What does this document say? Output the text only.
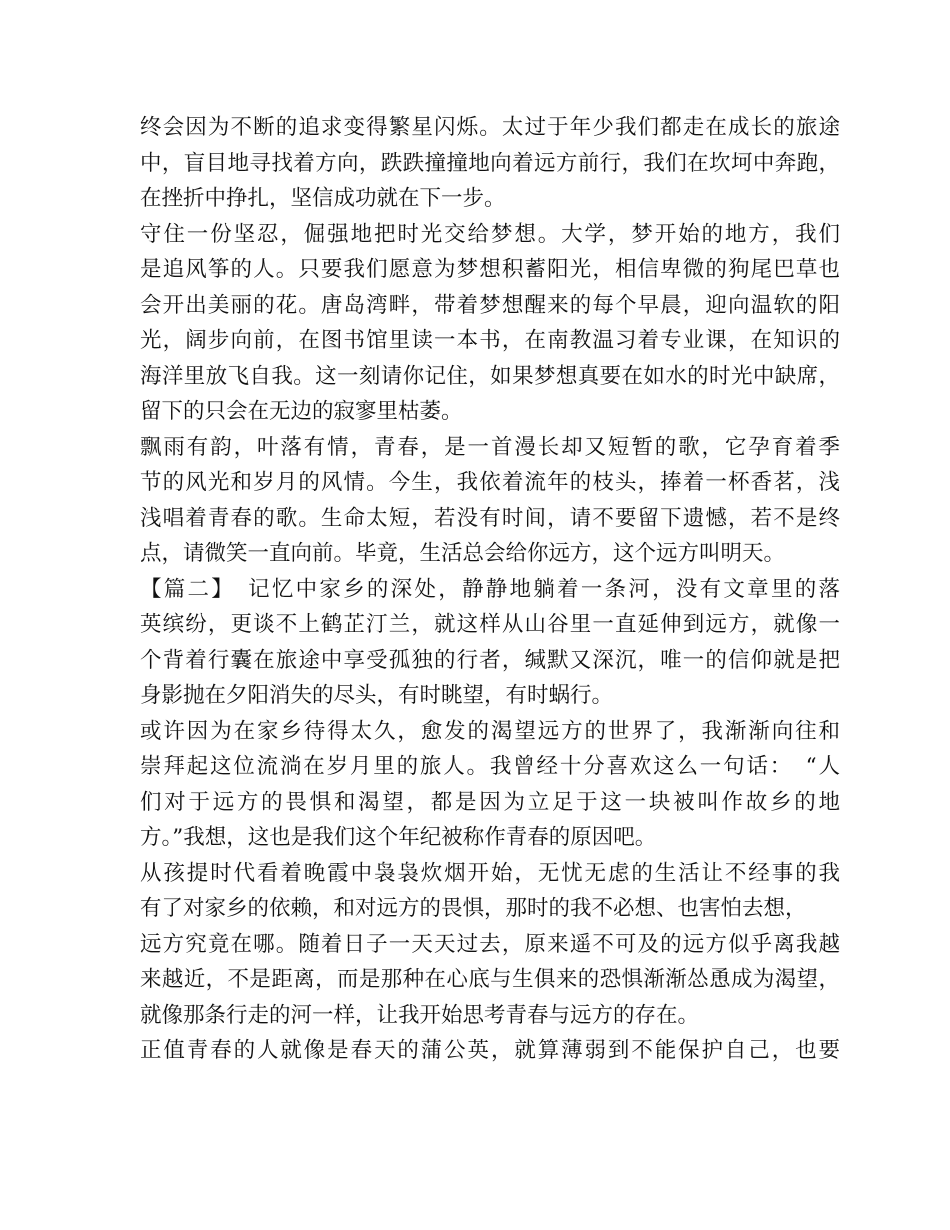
终会因为不断的追求变得繁星闪烁。太过于年少我们都走在成长的旅途
中，盲目地寻找着方向，跌跌撞撞地向着远方前行，我们在坎坷中奔跑，
在挫折中挣扎，坚信成功就在下一步。
守住一份坚忍，倔强地把时光交给梦想。大学，梦开始的地方，我们
是追风筝的人。只要我们愿意为梦想积蓄阳光，相信卑微的狗尾巴草也
会开出美丽的花。唐岛湾畔，带着梦想醒来的每个早晨，迎向温软的阳
光，阔步向前，在图书馆里读一本书，在南教温习着专业课，在知识的
海洋里放飞自我。这一刻请你记住，如果梦想真要在如水的时光中缺席，
留下的只会在无边的寂寥里枯萎。
飘雨有韵，叶落有情，青春，是一首漫长却又短暂的歌，它孕育着季
节的风光和岁月的风情。今生，我依着流年的枝头，捧着一杯香茗，浅
浅唱着青春的歌。生命太短，若没有时间，请不要留下遗憾，若不是终
点，请微笑一直向前。毕竟，生活总会给你远方，这个远方叫明天。
【篇二】　记忆中家乡的深处，静静地躺着一条河，没有文章里的落
英缤纷，更谈不上鹤芷汀兰，就这样从山谷里一直延伸到远方，就像一
个背着行囊在旅途中享受孤独的行者，缄默又深沉，唯一的信仰就是把
身影抛在夕阳消失的尽头，有时眺望，有时蜗行。
或许因为在家乡待得太久，愈发的渴望远方的世界了，我渐渐向往和
崇拜起这位流淌在岁月里的旅人。我曾经十分喜欢这么一句话：　“人
们对于远方的畏惧和渴望，都是因为立足于这一块被叫作故乡的地
方。”我想，这也是我们这个年纪被称作青春的原因吧。
从孩提时代看着晚霞中袅袅炊烟开始，无忧无虑的生活让不经事的我
有了对家乡的依赖，和对远方的畏惧，那时的我不必想、也害怕去想，
远方究竟在哪。随着日子一天天过去，原来遥不可及的远方似乎离我越
来越近，不是距离，而是那种在心底与生俱来的恐惧渐渐怂恿成为渴望，
就像那条行走的河一样，让我开始思考青春与远方的存在。
正值青春的人就像是春天的蒲公英，就算薄弱到不能保护自己，也要
